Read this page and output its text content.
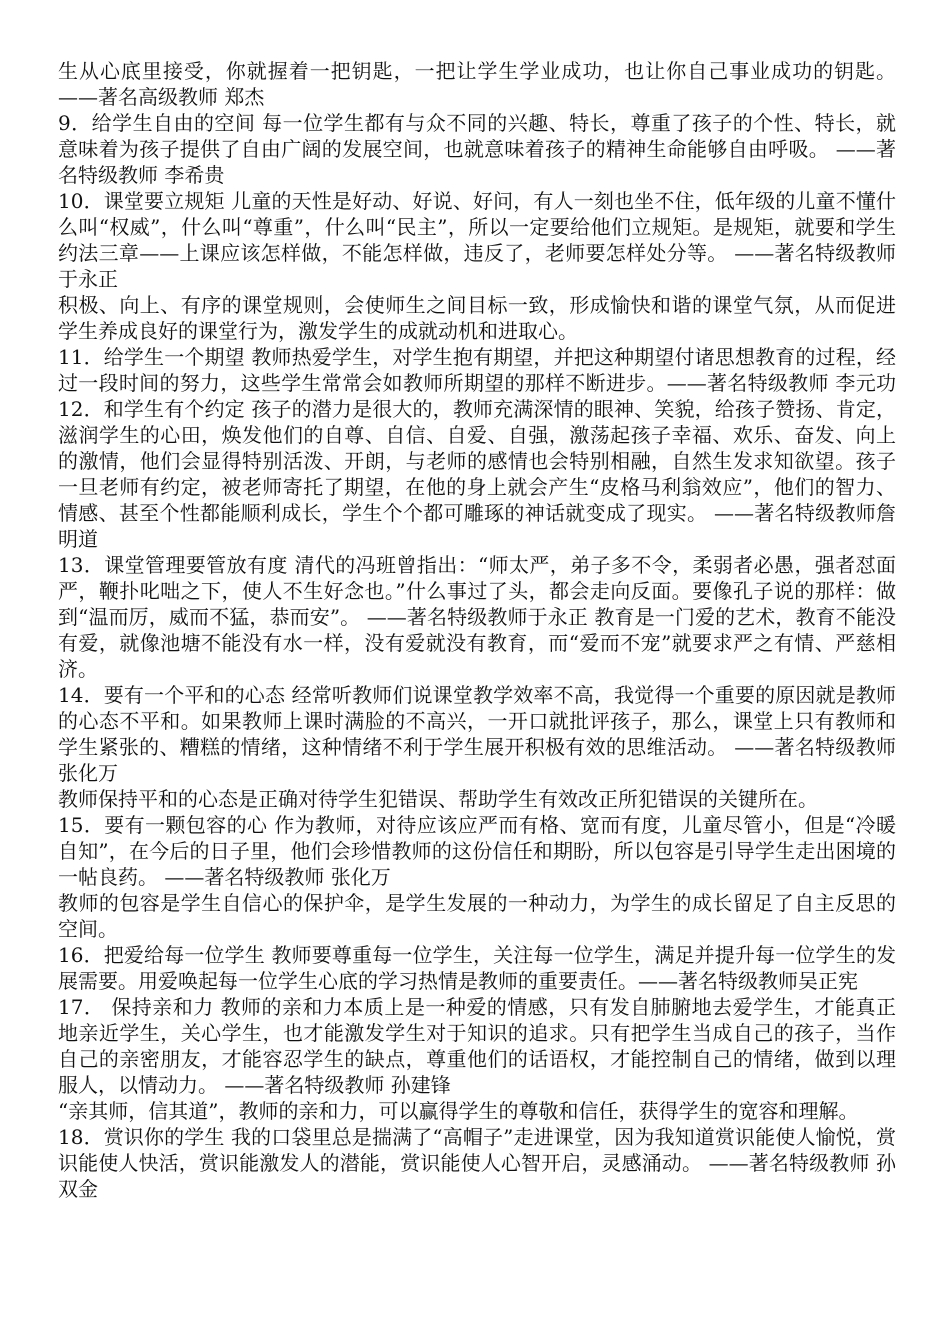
生从心底里接受，你就握着一把钥匙，一把让学生学业成功，也让你自己事业成功的钥匙。 ——著名高级教师 郑杰

9．给学生自由的空间 每一位学生都有与众不同的兴趣、特长，尊重了孩子的个性、特长，就意味着为孩子提供了自由广阔的发展空间，也就意味着孩子的精神生命能够自由呼吸。 ——著名特级教师 李希贵

10．课堂要立规矩 儿童的天性是好动、好说、好问，有人一刻也坐不住，低年级的儿童不懂什么叫“权威”，什么叫“尊重”，什么叫“民主”，所以一定要给他们立规矩。是规矩，就要和学生约法三章——上课应该怎样做，不能怎样做，违反了，老师要怎样处分等。 ——著名特级教师于永正

积极、向上、有序的课堂规则，会使师生之间目标一致，形成愉快和谐的课堂气氛，从而促进学生养成良好的课堂行为，激发学生的成就动机和进取心。

11．给学生一个期望 教师热爱学生，对学生抱有期望，并把这种期望付诸思想教育的过程，经过一段时间的努力，这些学生常常会如教师所期望的那样不断进步。——著名特级教师 李元功 12．和学生有个约定 孩子的潜力是很大的，教师充满深情的眼神、笑貌，给孩子赞扬、肯定，滋润学生的心田，焕发他们的自尊、自信、自爱、自强，激荡起孩子幸福、欢乐、奋发、向上的激情，他们会显得特别活泼、开朗，与老师的感情也会特别相融，自然生发求知欲望。孩子一旦老师有约定，被老师寄托了期望，在他的身上就会产生“皮格马利翁效应”，他们的智力、情感、甚至个性都能顺利成长，学生个个都可雕琢的神话就变成了现实。 ——著名特级教师詹明道

13．课堂管理要管放有度 清代的冯班曾指出：“师太严，弟子多不令，柔弱者必愚，强者怼面严，鞭扑叱咄之下，使人不生好念也。”什么事过了头，都会走向反面。要像孔子说的那样：做到“温而厉，威而不猛，恭而安”。 ——著名特级教师于永正 教育是一门爱的艺术，教育不能没有爱，就像池塘不能没有水一样，没有爱就没有教育，而“爱而不宠”就要求严之有情、严慈相济。

14．要有一个平和的心态 经常听教师们说课堂教学效率不高，我觉得一个重要的原因就是教师的心态不平和。如果教师上课时满脸的不高兴，一开口就批评孩子，那么，课堂上只有教师和学生紧张的、糟糕的情绪，这种情绪不利于学生展开积极有效的思维活动。 ——著名特级教师 张化万

教师保持平和的心态是正确对待学生犯错误、帮助学生有效改正所犯错误的关键所在。

15．要有一颗包容的心 作为教师，对待应该应严而有格、宽而有度，儿童尽管小，但是“冷暖自知”，在今后的日子里，他们会珍惜教师的这份信任和期盼，所以包容是引导学生走出困境的一帖良药。 ——著名特级教师 张化万

教师的包容是学生自信心的保护伞，是学生发展的一种动力，为学生的成长留足了自主反思的空间。

16．把爱给每一位学生 教师要尊重每一位学生，关注每一位学生，满足并提升每一位学生的发展需要。用爱唤起每一位学生心底的学习热情是教师的重要责任。——著名特级教师吴正宪

17． 保持亲和力 教师的亲和力本质上是一种爱的情感，只有发自肺腑地去爱学生，才能真正地亲近学生，关心学生，也才能激发学生对于知识的追求。只有把学生当成自己的孩子，当作自己的亲密朋友，才能容忍学生的缺点，尊重他们的话语权，才能控制自己的情绪，做到以理服人，以情动力。 ——著名特级教师 孙建锋

“亲其师，信其道”，教师的亲和力，可以赢得学生的尊敬和信任，获得学生的宽容和理解。

18．赏识你的学生 我的口袋里总是揣满了“高帽子”走进课堂，因为我知道赏识能使人愉悦，赏识能使人快活，赏识能激发人的潜能，赏识能使人心智开启，灵感涌动。 ——著名特级教师 孙双金
